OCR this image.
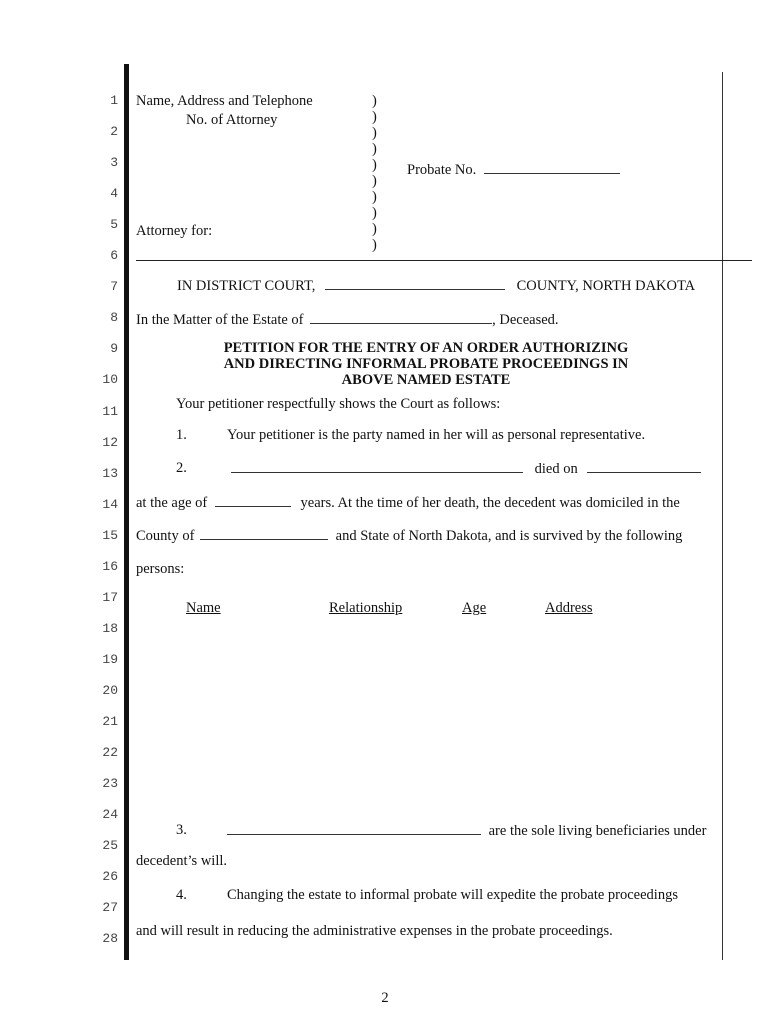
1
2
3
4
5
6
7
8
9
10
11
12
13
14
15
16
17
18
19
20
21
22
23
24
25
26
27
28
Name, Address and Telephone
No. of Attorney
Attorney for:
)
)
)
)
)
)
)
)
)
)
Probate No.
IN DISTRICT COURT,	COUNTY, NORTH DAKOTA
In the Matter of the Estate of	, Deceased.
PETITION FOR THE ENTRY OF AN ORDER AUTHORIZING
AND DIRECTING INFORMAL PROBATE PROCEEDINGS IN
ABOVE NAMED ESTATE
Your petitioner respectfully shows the Court as follows:
1.	Your petitioner is the party named in her will as personal representative.
2.	died on
at the age of	years. At the time of her death, the decedent was domiciled in the
County of	and State of North Dakota, and is survived by the following
persons:
Name	Relationship	Age	Address
3.	are the sole living beneficiaries under
decedent’s will.
4.	Changing the estate to informal probate will expedite the probate proceedings
and will result in reducing the administrative expenses in the probate proceedings.
2
